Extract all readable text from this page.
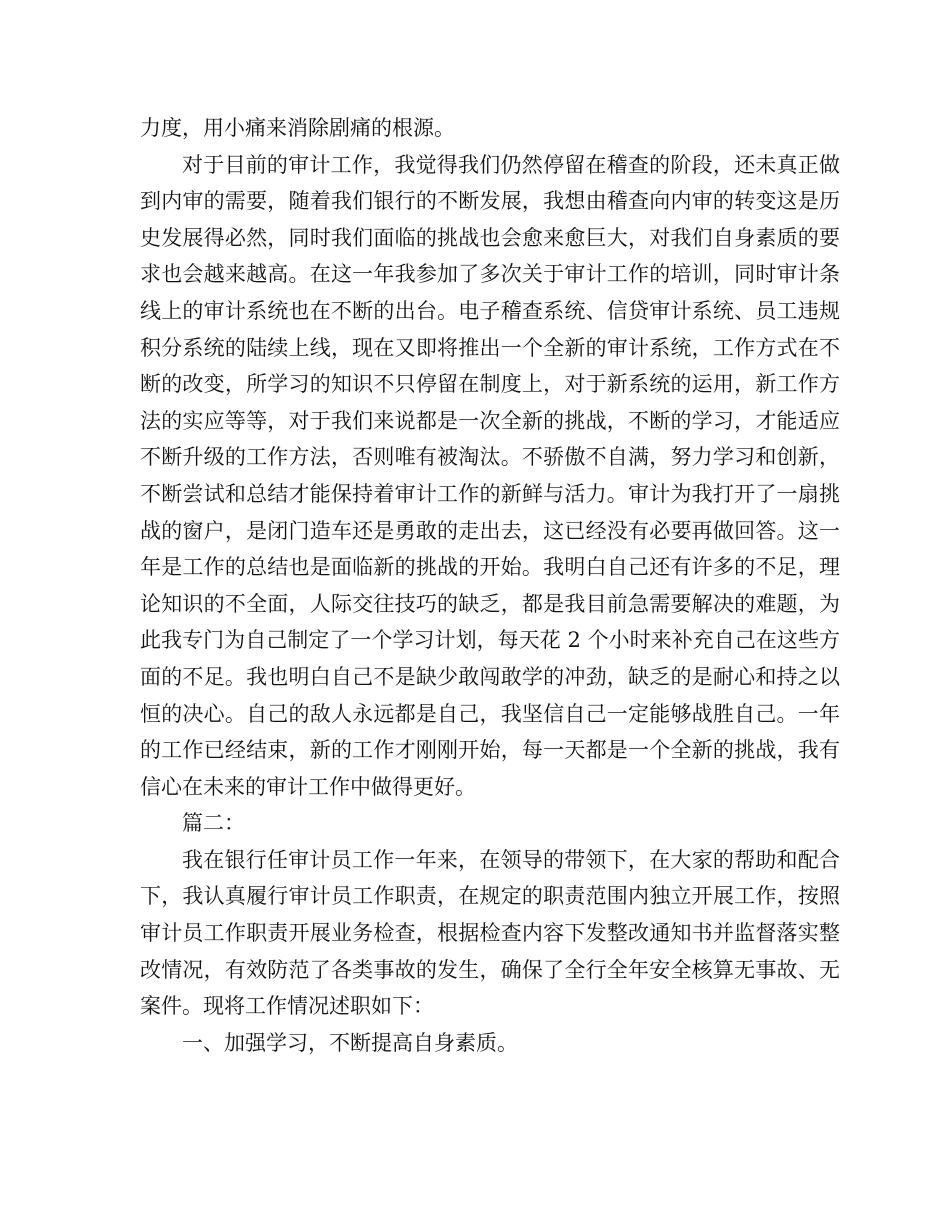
力度，用小痛来消除剧痛的根源。

对于目前的审计工作，我觉得我们仍然停留在稽查的阶段，还未真正做到内审的需要，随着我们银行的不断发展，我想由稽查向内审的转变这是历史发展得必然，同时我们面临的挑战也会愈来愈巨大，对我们自身素质的要求也会越来越高。在这一年我参加了多次关于审计工作的培训，同时审计条线上的审计系统也在不断的出台。电子稽查系统、信贷审计系统、员工违规积分系统的陆续上线，现在又即将推出一个全新的审计系统，工作方式在不断的改变，所学习的知识不只停留在制度上，对于新系统的运用，新工作方法的实应等等，对于我们来说都是一次全新的挑战，不断的学习，才能适应不断升级的工作方法，否则唯有被淘汰。不骄傲不自满，努力学习和创新，不断尝试和总结才能保持着审计工作的新鲜与活力。审计为我打开了一扇挑战的窗户，是闭门造车还是勇敢的走出去，这已经没有必要再做回答。这一年是工作的总结也是面临新的挑战的开始。我明白自己还有许多的不足，理论知识的不全面，人际交往技巧的缺乏，都是我目前急需要解决的难题，为此我专门为自己制定了一个学习计划，每天花 2 个小时来补充自己在这些方面的不足。我也明白自己不是缺少敢闯敢学的冲劲，缺乏的是耐心和持之以恒的决心。自己的敌人永远都是自己，我坚信自己一定能够战胜自己。一年的工作已经结束，新的工作才刚刚开始，每一天都是一个全新的挑战，我有信心在未来的审计工作中做得更好。

篇二：

我在银行任审计员工作一年来，在领导的带领下，在大家的帮助和配合下，我认真履行审计员工作职责，在规定的职责范围内独立开展工作，按照审计员工作职责开展业务检查，根据检查内容下发整改通知书并监督落实整改情况，有效防范了各类事故的发生，确保了全行全年安全核算无事故、无案件。现将工作情况述职如下：

一、加强学习，不断提高自身素质。
